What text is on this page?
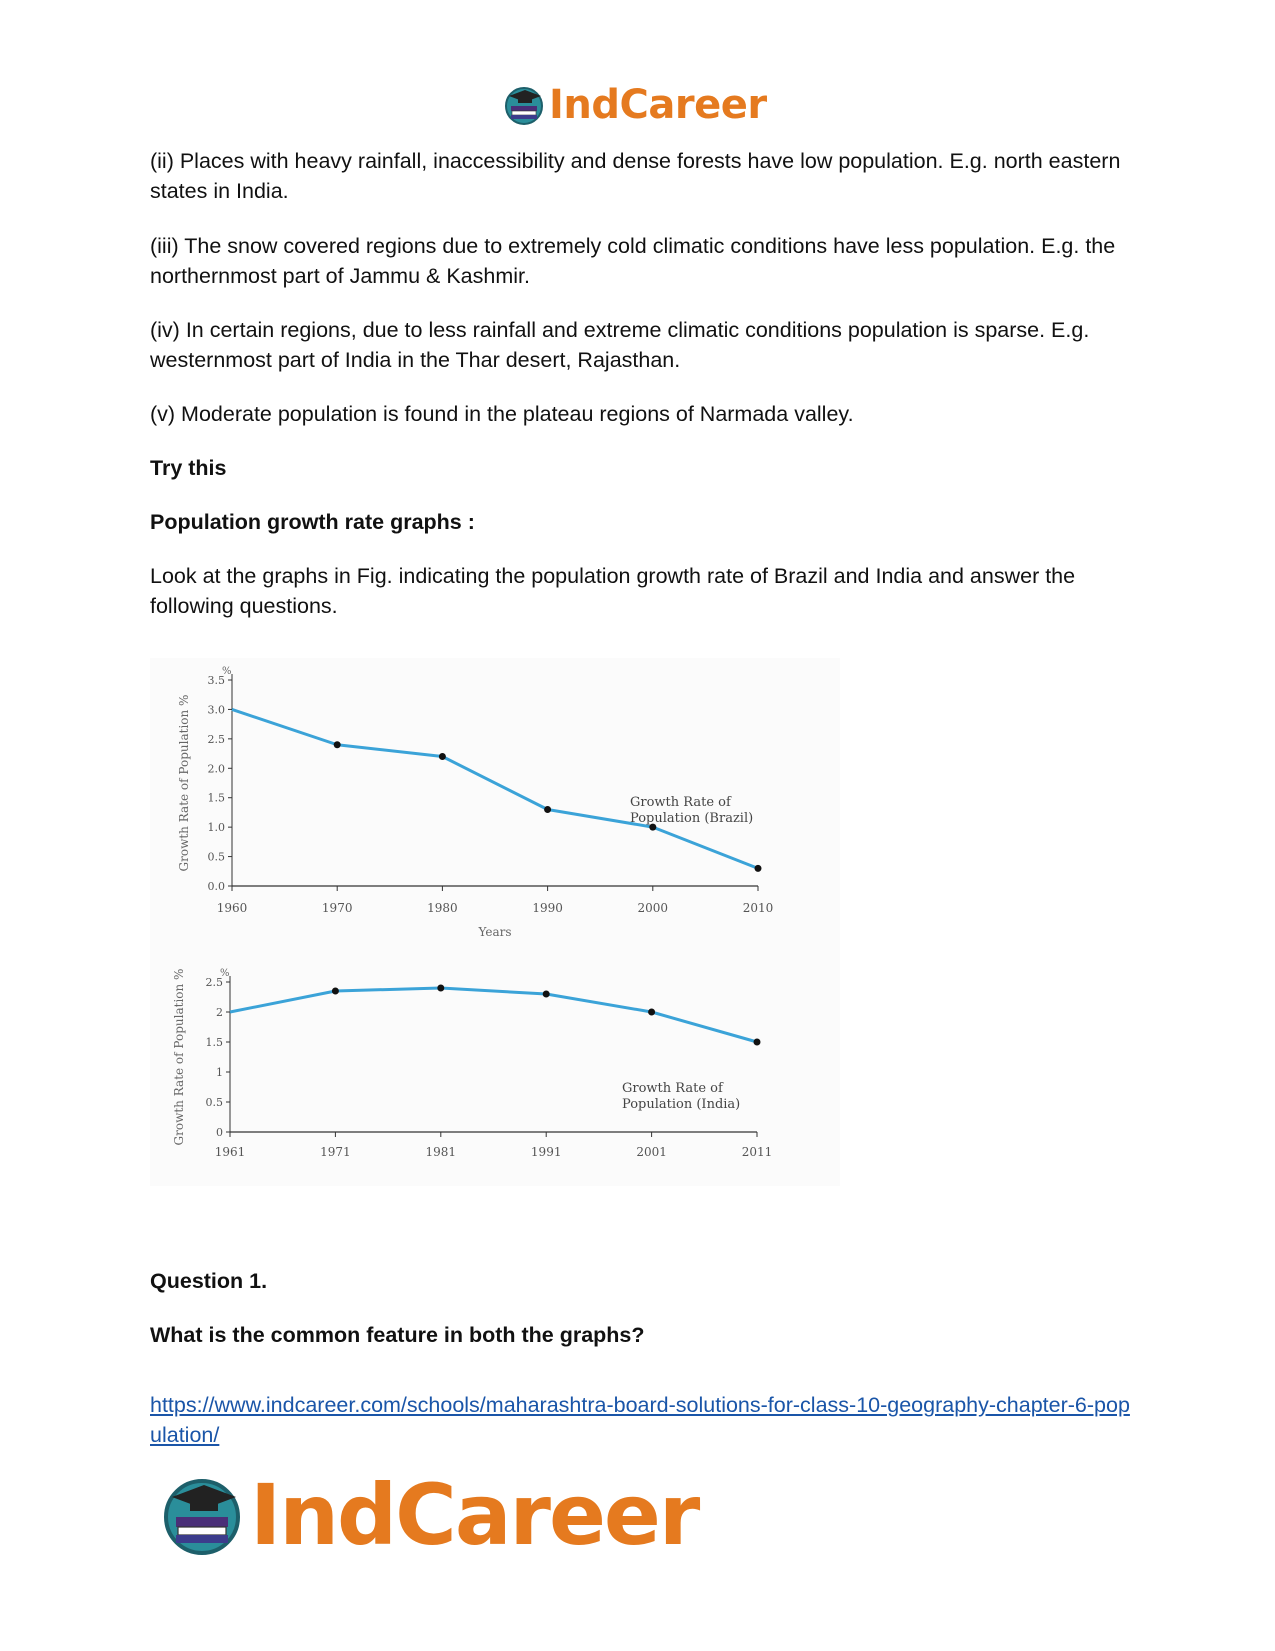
IndCareer

(ii) Places with heavy rainfall, inaccessibility and dense forests have low population. E.g. north eastern states in India.

(iii) The snow covered regions due to extremely cold climatic conditions have less population. E.g. the northernmost part of Jammu & Kashmir.

(iv) In certain regions, due to less rainfall and extreme climatic conditions population is sparse. E.g. westernmost part of India in the Thar desert, Rajasthan.

(v) Moderate population is found in the plateau regions of Narmada valley.

Try this

Population growth rate graphs :

Look at the graphs in Fig. indicating the population growth rate of Brazil and India and answer the following questions.

%
0.0
0.5
1.0
1.5
2.0
2.5
3.0
3.5
1960	1970	1980	1990	2000	2010
Growth Rate of Population %
Years
Growth Rate of
Population (Brazil)
%
0
0.5
1
1.5
2
2.5
1961	1971	1981	1991	2001	2011
Growth Rate of Population %	Growth Rate of
Population (India)

Question 1.

What is the common feature in both the graphs?

https://www.indcareer.com/schools/maharashtra-board-solutions-for-class-10-geography-chapter-6-population/

IndCareer
